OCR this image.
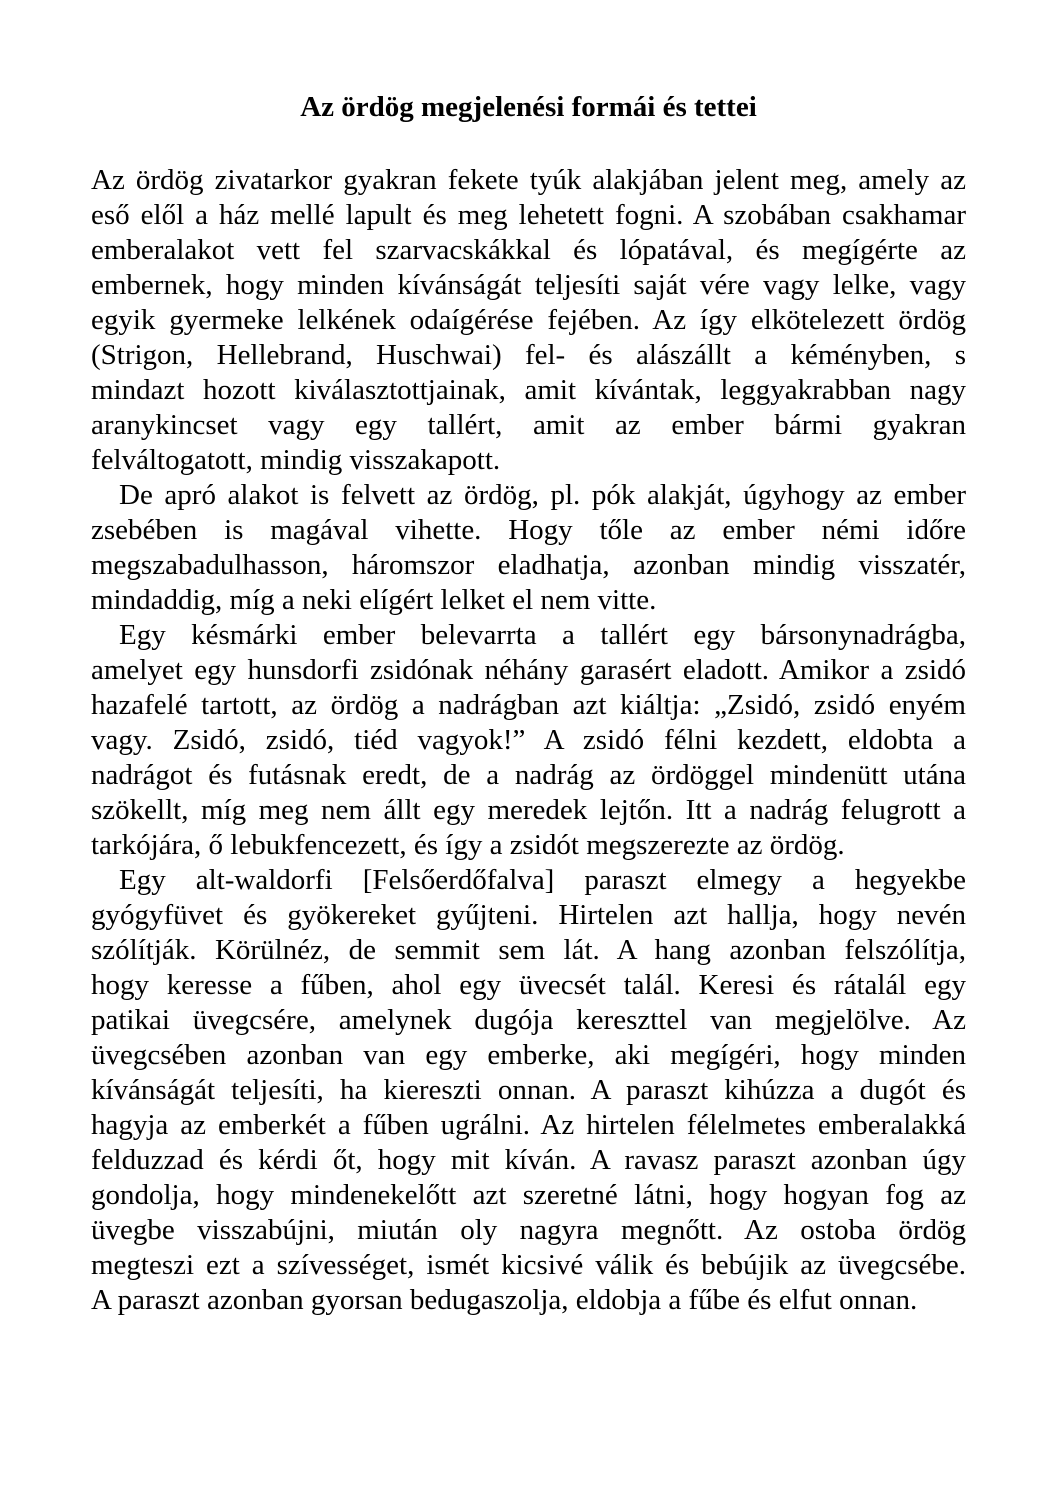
Az ördög megjelenési formái és tettei
Az ördög zivatarkor gyakran fekete tyúk alakjában jelent meg, amely az
eső elől a ház mellé lapult és meg lehetett fogni. A szobában csakhamar
emberalakot vett fel szarvacskákkal és lópatával, és megígérte az
embernek, hogy minden kívánságát teljesíti saját vére vagy lelke, vagy
egyik gyermeke lelkének odaígérése fejében. Az így elkötelezett ördög
(Strigon, Hellebrand, Huschwai) fel- és alászállt a kéményben, s
mindazt hozott kiválasztottjainak, amit kívántak, leggyakrabban nagy
aranykincset vagy egy tallért, amit az ember bármi gyakran
felváltogatott, mindig visszakapott.
De apró alakot is felvett az ördög, pl. pók alakját, úgyhogy az ember
zsebében is magával vihette. Hogy tőle az ember némi időre
megszabadulhasson, háromszor eladhatja, azonban mindig visszatér,
mindaddig, míg a neki elígért lelket el nem vitte.
Egy késmárki ember belevarrta a tallért egy bársonynadrágba,
amelyet egy hunsdorfi zsidónak néhány garasért eladott. Amikor a zsidó
hazafelé tartott, az ördög a nadrágban azt kiáltja: „Zsidó, zsidó enyém
vagy. Zsidó, zsidó, tiéd vagyok!” A zsidó félni kezdett, eldobta a
nadrágot és futásnak eredt, de a nadrág az ördöggel mindenütt utána
szökellt, míg meg nem állt egy meredek lejtőn. Itt a nadrág felugrott a
tarkójára, ő lebukfencezett, és így a zsidót megszerezte az ördög.
Egy alt-waldorfi [Felsőerdőfalva] paraszt elmegy a hegyekbe
gyógyfüvet és gyökereket gyűjteni. Hirtelen azt hallja, hogy nevén
szólítják. Körülnéz, de semmit sem lát. A hang azonban felszólítja,
hogy keresse a fűben, ahol egy üvecsét talál. Keresi és rátalál egy
patikai üvegcsére, amelynek dugója kereszttel van megjelölve. Az
üvegcsében azonban van egy emberke, aki megígéri, hogy minden
kívánságát teljesíti, ha kiereszti onnan. A paraszt kihúzza a dugót és
hagyja az emberkét a fűben ugrálni. Az hirtelen félelmetes emberalakká
felduzzad és kérdi őt, hogy mit kíván. A ravasz paraszt azonban úgy
gondolja, hogy mindenekelőtt azt szeretné látni, hogy hogyan fog az
üvegbe visszabújni, miután oly nagyra megnőtt. Az ostoba ördög
megteszi ezt a szívességet, ismét kicsivé válik és bebújik az üvegcsébe.
A paraszt azonban gyorsan bedugaszolja, eldobja a fűbe és elfut onnan.
